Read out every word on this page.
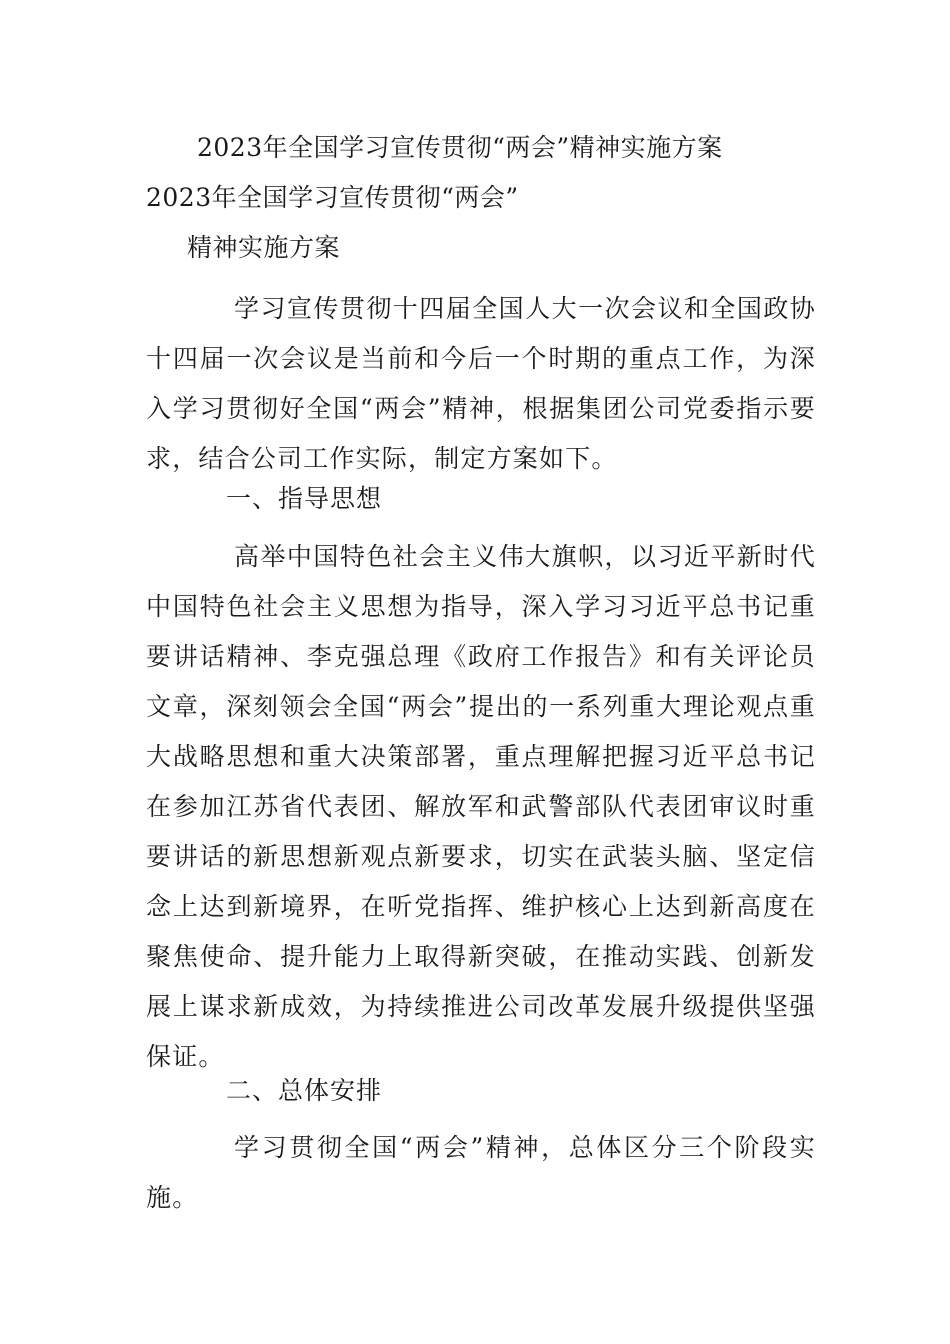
2023年全国学习宣传贯彻“两会”精神实施方案
2023年全国学习宣传贯彻“两会”
精神实施方案

学习宣传贯彻十四届全国人大一次会议和全国政协十四届一次会议是当前和今后一个时期的重点工作，为深入学习贯彻好全国“两会”精神，根据集团公司党委指示要求，结合公司工作实际，制定方案如下。

一、指导思想

高举中国特色社会主义伟大旗帜，以习近平新时代中国特色社会主义思想为指导，深入学习习近平总书记重要讲话精神、李克强总理《政府工作报告》和有关评论员文章，深刻领会全国“两会”提出的一系列重大理论观点重大战略思想和重大决策部署，重点理解把握习近平总书记在参加江苏省代表团、解放军和武警部队代表团审议时重要讲话的新思想新观点新要求，切实在武装头脑、坚定信念上达到新境界，在听党指挥、维护核心上达到新高度在聚焦使命、提升能力上取得新突破，在推动实践、创新发展上谋求新成效，为持续推进公司改革发展升级提供坚强保证。

二、总体安排

学习贯彻全国“两会”精神，总体区分三个阶段实施。
